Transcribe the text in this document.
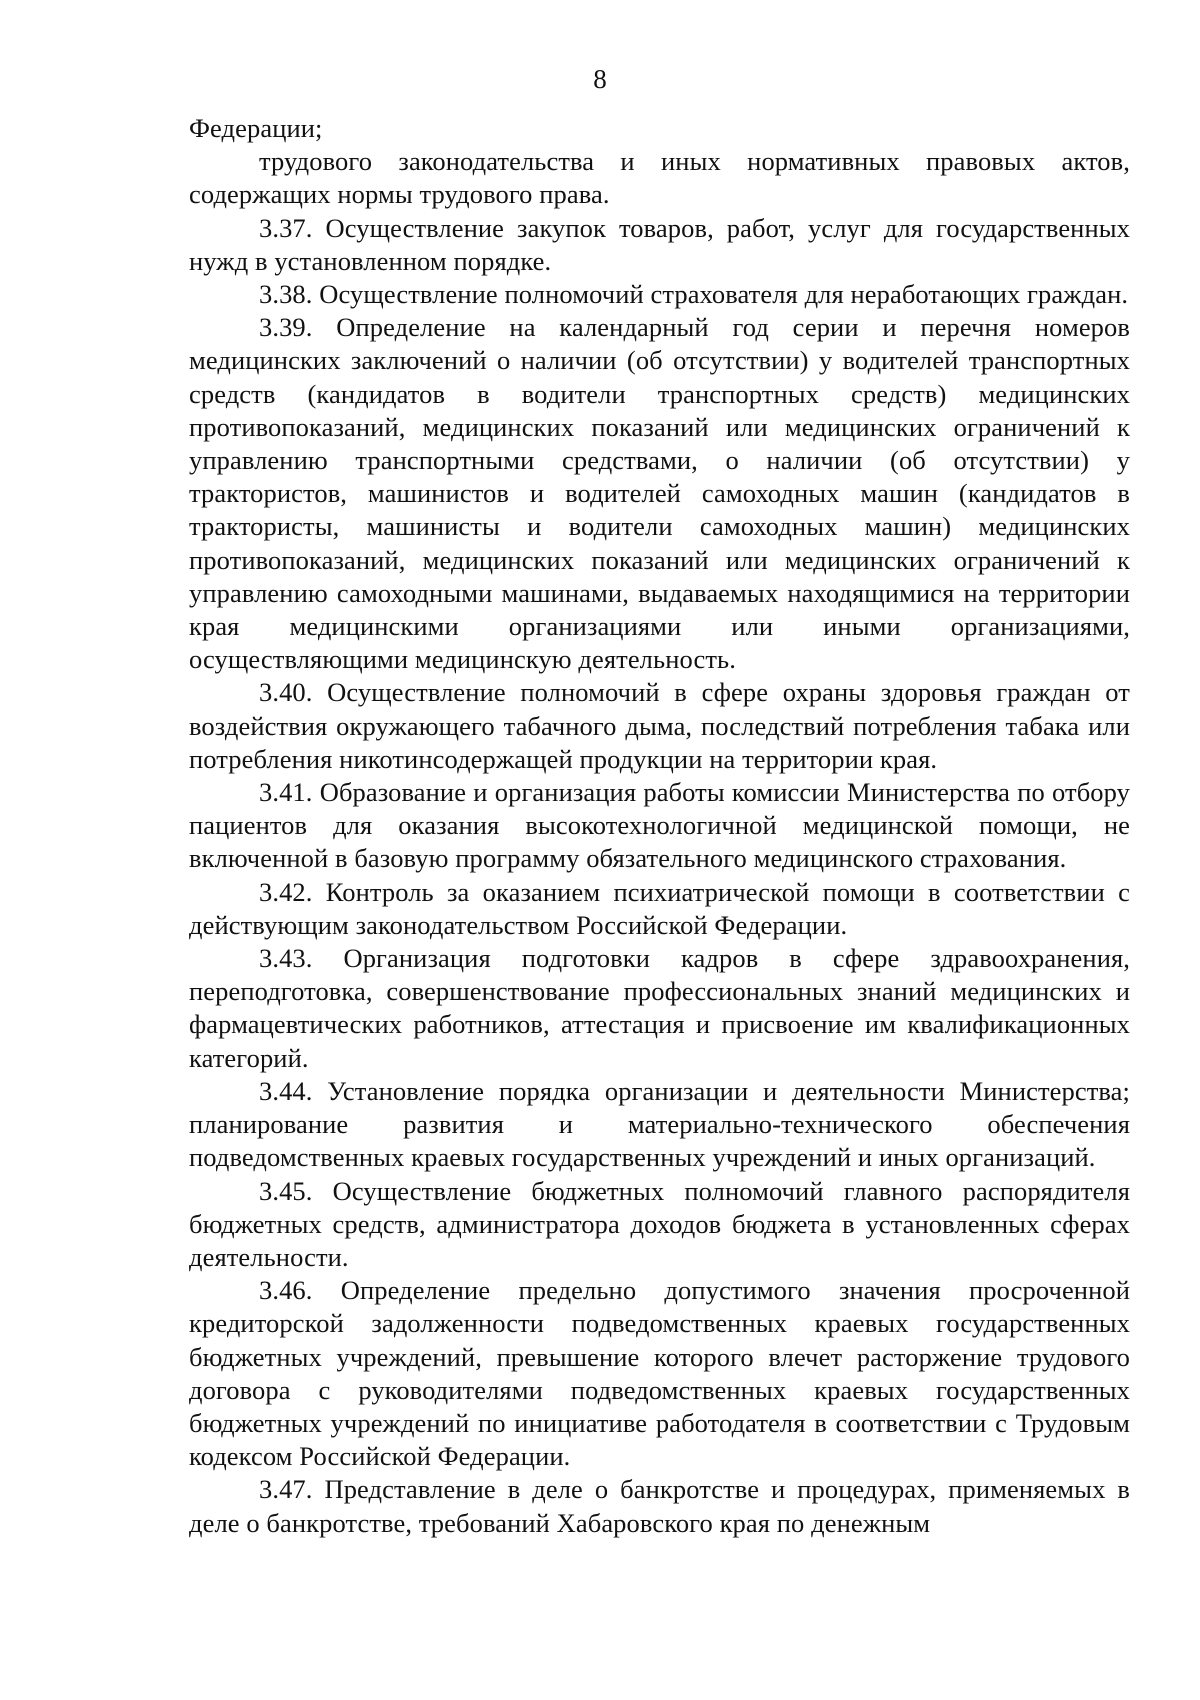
8

Федерации;

трудового законодательства и иных нормативных правовых актов, содержащих нормы трудового права.

3.37. Осуществление закупок товаров, работ, услуг для государственных нужд в установленном порядке.

3.38. Осуществление полномочий страхователя для неработающих граждан.

3.39. Определение на календарный год серии и перечня номеров медицинских заключений о наличии (об отсутствии) у водителей транспортных средств (кандидатов в водители транспортных средств) медицинских противопоказаний, медицинских показаний или медицинских ограничений к управлению транспортными средствами, о наличии (об отсутствии) у трактористов, машинистов и водителей самоходных машин (кандидатов в трактористы, машинисты и водители самоходных машин) медицинских противопоказаний, медицинских показаний или медицинских ограничений к управлению самоходными машинами, выдаваемых находящимися на территории края медицинскими организациями или иными организациями, осуществляющими медицинскую деятельность.

3.40. Осуществление полномочий в сфере охраны здоровья граждан от воздействия окружающего табачного дыма, последствий потребления табака или потребления никотинсодержащей продукции на территории края.

3.41. Образование и организация работы комиссии Министерства по отбору пациентов для оказания высокотехнологичной медицинской помощи, не включенной в базовую программу обязательного медицинского страхования.

3.42. Контроль за оказанием психиатрической помощи в соответствии с действующим законодательством Российской Федерации.

3.43. Организация подготовки кадров в сфере здравоохранения, переподготовка, совершенствование профессиональных знаний медицинских и фармацевтических работников, аттестация и присвоение им квалификационных категорий.

3.44. Установление порядка организации и деятельности Министерства; планирование развития и материально-технического обеспечения подведомственных краевых государственных учреждений и иных организаций.

3.45. Осуществление бюджетных полномочий главного распорядителя бюджетных средств, администратора доходов бюджета в установленных сферах деятельности.

3.46. Определение предельно допустимого значения просроченной кредиторской задолженности подведомственных краевых государственных бюджетных учреждений, превышение которого влечет расторжение трудового договора с руководителями подведомственных краевых государственных бюджетных учреждений по инициативе работодателя в соответствии с Трудовым кодексом Российской Федерации.

3.47. Представление в деле о банкротстве и процедурах, применяемых в деле о банкротстве, требований Хабаровского края по денежным
